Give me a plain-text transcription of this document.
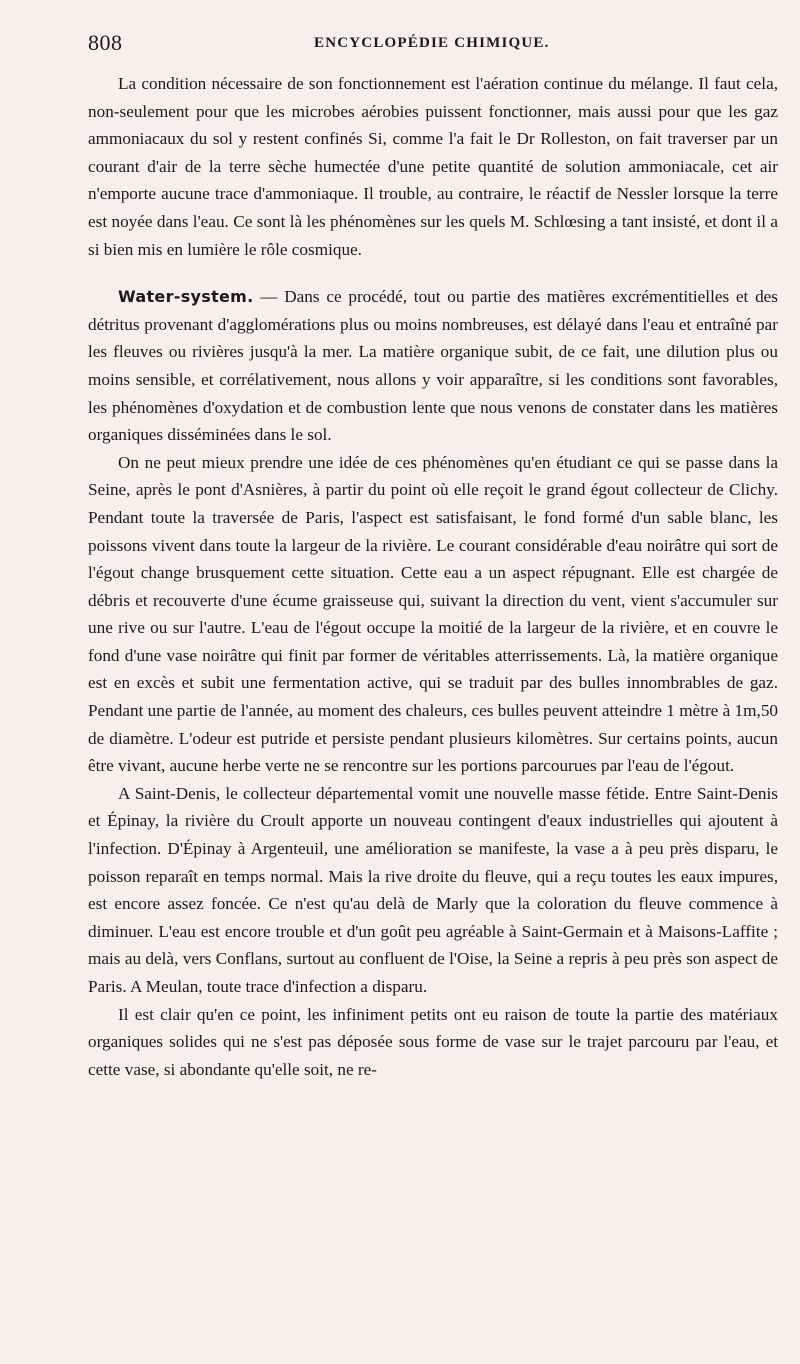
808	ENCYCLOPÉDIE CHIMIQUE.

La condition nécessaire de son fonctionnement est l'aération continue du mélange. Il faut cela, non-seulement pour que les microbes aérobies puissent fonctionner, mais aussi pour que les gaz ammoniacaux du sol y restent confinés Si, comme l'a fait le Dr Rolleston, on fait traverser par un courant d'air de la terre sèche humectée d'une petite quantité de solution ammoniacale, cet air n'emporte aucune trace d'ammoniaque. Il trouble, au contraire, le réactif de Nessler lorsque la terre est noyée dans l'eau. Ce sont là les phénomènes sur les quels M. Schlœsing a tant insisté, et dont il a si bien mis en lumière le rôle cosmique.

Water-system. — Dans ce procédé, tout ou partie des matières excrémentitielles et des détritus provenant d'agglomérations plus ou moins nombreuses, est délayé dans l'eau et entraîné par les fleuves ou rivières jusqu'à la mer. La matière organique subit, de ce fait, une dilution plus ou moins sensible, et corrélativement, nous allons y voir apparaître, si les conditions sont favorables, les phénomènes d'oxydation et de combustion lente que nous venons de constater dans les matières organiques disséminées dans le sol.

On ne peut mieux prendre une idée de ces phénomènes qu'en étudiant ce qui se passe dans la Seine, après le pont d'Asnières, à partir du point où elle reçoit le grand égout collecteur de Clichy. Pendant toute la traversée de Paris, l'aspect est satisfaisant, le fond formé d'un sable blanc, les poissons vivent dans toute la largeur de la rivière. Le courant considérable d'eau noirâtre qui sort de l'égout change brusquement cette situation. Cette eau a un aspect répugnant. Elle est chargée de débris et recouverte d'une écume graisseuse qui, suivant la direction du vent, vient s'accumuler sur une rive ou sur l'autre. L'eau de l'égout occupe la moitié de la largeur de la rivière, et en couvre le fond d'une vase noirâtre qui finit par former de véritables atterrissements. Là, la matière organique est en excès et subit une fermentation active, qui se traduit par des bulles innombrables de gaz. Pendant une partie de l'année, au moment des chaleurs, ces bulles peuvent atteindre 1 mètre à 1m,50 de diamètre. L'odeur est putride et persiste pendant plusieurs kilomètres. Sur certains points, aucun être vivant, aucune herbe verte ne se rencontre sur les portions parcourues par l'eau de l'égout.

A Saint-Denis, le collecteur départemental vomit une nouvelle masse fétide. Entre Saint-Denis et Épinay, la rivière du Croult apporte un nouveau contingent d'eaux industrielles qui ajoutent à l'infection. D'Épinay à Argenteuil, une amélioration se manifeste, la vase a à peu près disparu, le poisson reparaît en temps normal. Mais la rive droite du fleuve, qui a reçu toutes les eaux impures, est encore assez foncée. Ce n'est qu'au delà de Marly que la coloration du fleuve commence à diminuer. L'eau est encore trouble et d'un goût peu agréable à Saint-Germain et à Maisons-Laffite ; mais au delà, vers Conflans, surtout au confluent de l'Oise, la Seine a repris à peu près son aspect de Paris. A Meulan, toute trace d'infection a disparu.

Il est clair qu'en ce point, les infiniment petits ont eu raison de toute la partie des matériaux organiques solides qui ne s'est pas déposée sous forme de vase sur le trajet parcouru par l'eau, et cette vase, si abondante qu'elle soit, ne re-
